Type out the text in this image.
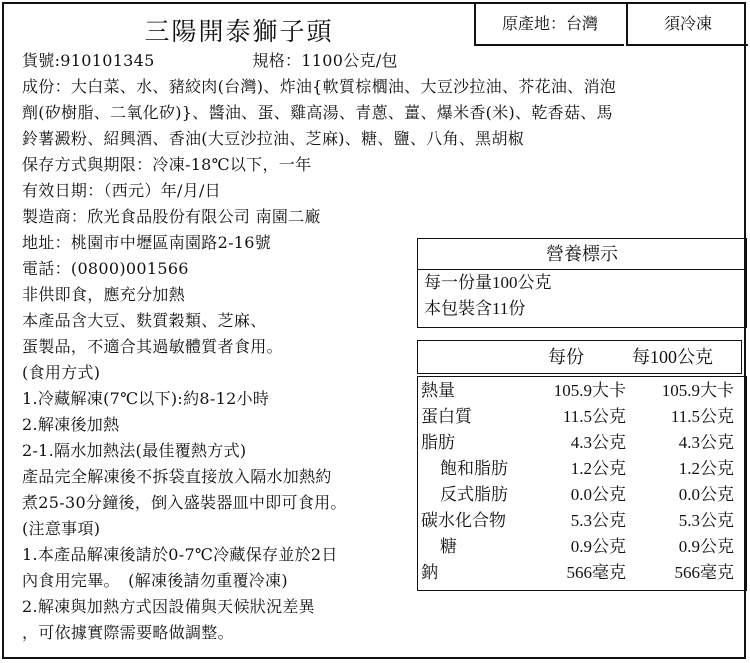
三陽開泰獅子頭	原產地：台灣	須冷凍
貨號:910101345　　　　　　規格：1100公克/包
成份：大白菜、水、豬絞肉(台灣)、炸油{軟質棕櫚油、大豆沙拉油、芥花油、消泡
劑(矽樹脂、二氧化矽)}、醬油、蛋、雞高湯、青蔥、薑、爆米香(米)、乾香菇、馬
鈴薯澱粉、紹興酒、香油(大豆沙拉油、芝麻)、糖、鹽、八角、黑胡椒
保存方式與期限：冷凍-18℃以下，一年
有效日期：（西元）年/月/日
製造商：欣光食品股份有限公司 南園二廠
地址：桃園市中壢區南園路2-16號
電話：(0800)001566
非供即食，應充分加熱
本產品含大豆、麩質穀類、芝麻、
蛋製品，不適合其過敏體質者食用。
(食用方式)
1.冷藏解凍(7℃以下):約8-12小時
2.解凍後加熱
2-1.隔水加熱法(最佳覆熱方式)
產品完全解凍後不拆袋直接放入隔水加熱約
煮25-30分鐘後，倒入盛裝器皿中即可食用。
(注意事項)
1.本產品解凍後請於0-7℃冷藏保存並於2日
內食用完畢。　(解凍後請勿重覆冷凍)
2.解凍與加熱方式因設備與天候狀況差異
，可依據實際需要略做調整。
營養標示
每一份量100公克
本包裝含11份
每份	每100公克
熱量	105.9大卡 105.9大卡
蛋白質	11.5公克	11.5公克
脂肪	4.3公克	4.3公克
飽和脂肪	1.2公克	1.2公克
反式脂肪	0.0公克	0.0公克
碳水化合物	5.3公克	5.3公克
糖	0.9公克	0.9公克
鈉	566毫克	566毫克
